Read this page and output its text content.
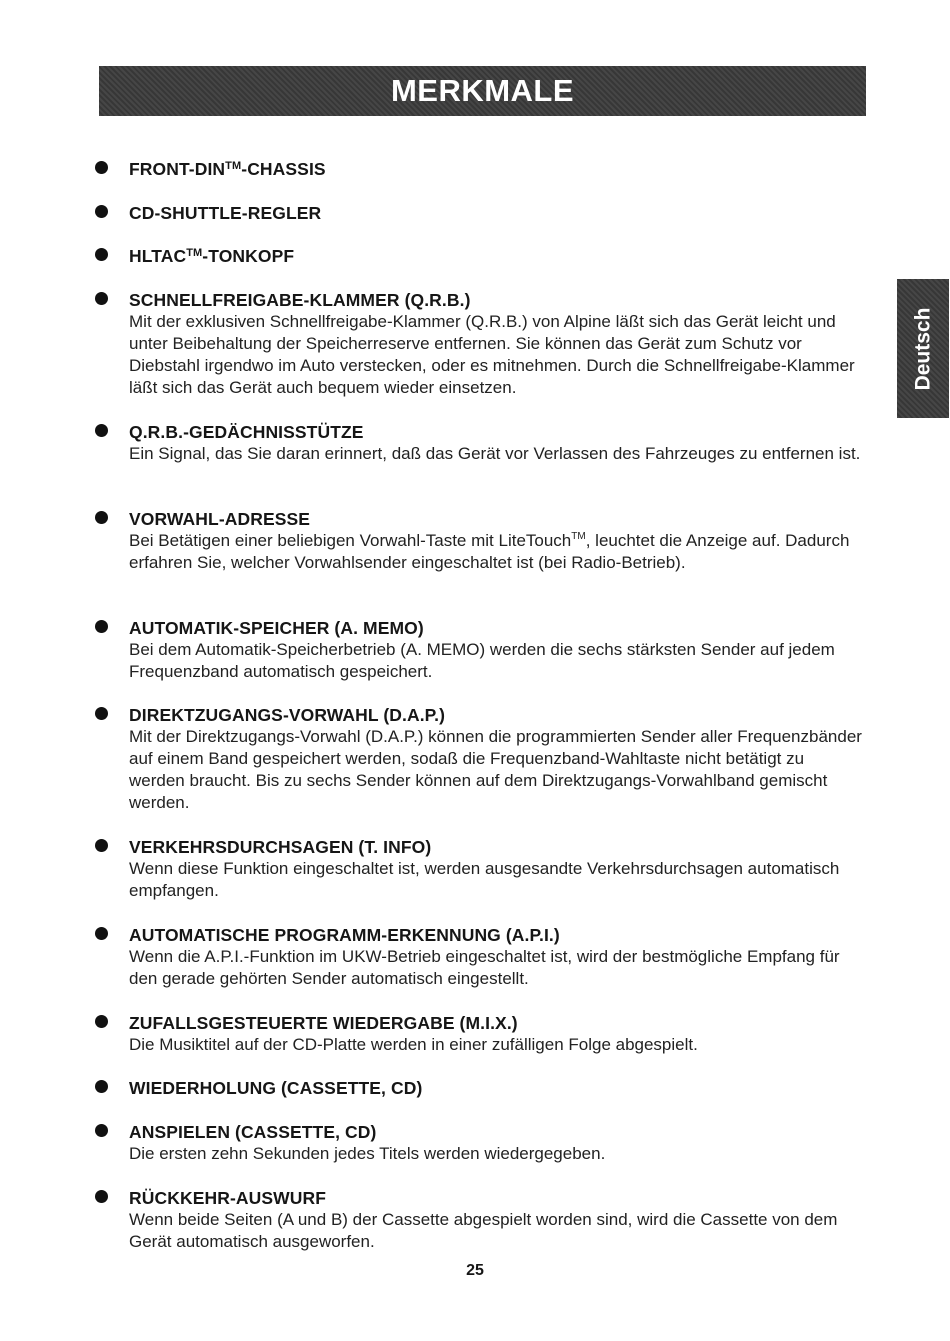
MERKMALE
Deutsch

FRONT-DIN™-CHASSIS

CD-SHUTTLE-REGLER

HLTAC™-TONKOPF

SCHNELLFREIGABE-KLAMMER (Q.R.B.)

Mit der exklusiven Schnellfreigabe-Klammer (Q.R.B.) von Alpine läßt sich das Gerät leicht und unter Beibehaltung der Speicherreserve entfernen. Sie können das Gerät zum Schutz vor Diebstahl irgendwo im Auto verstecken, oder es mitnehmen. Durch die Schnellfreigabe-Klammer läßt sich das Gerät auch bequem wieder einsetzen.

Q.R.B.-GEDÄCHNISSTÜTZE

Ein Signal, das Sie daran erinnert, daß das Gerät vor Verlassen des Fahrzeuges zu entfernen ist.

VORWAHL-ADRESSE

Bei Betätigen einer beliebigen Vorwahl-Taste mit LiteTouch™, leuchtet die Anzeige auf. Dadurch erfahren Sie, welcher Vorwahlsender eingeschaltet ist (bei Radio-Betrieb).

AUTOMATIK-SPEICHER (A. MEMO)

Bei dem Automatik-Speicherbetrieb (A. MEMO) werden die sechs stärksten Sender auf jedem Frequenzband automatisch gespeichert.

DIREKTZUGANGS-VORWAHL (D.A.P.)

Mit der Direktzugangs-Vorwahl (D.A.P.) können die programmierten Sender aller Frequenzbänder auf einem Band gespeichert werden, sodaß die Frequenzband-Wahltaste nicht betätigt zu werden braucht. Bis zu sechs Sender können auf dem Direktzugangs-Vorwahlband gemischt werden.

VERKEHRSDURCHSAGEN (T. INFO)

Wenn diese Funktion eingeschaltet ist, werden ausgesandte Verkehrsdurchsagen automatisch empfangen.

AUTOMATISCHE PROGRAMM-ERKENNUNG (A.P.I.)

Wenn die A.P.I.-Funktion im UKW-Betrieb eingeschaltet ist, wird der bestmögliche Empfang für den gerade gehörten Sender automatisch eingestellt.

ZUFALLSGESTEUERTE WIEDERGABE (M.I.X.)

Die Musiktitel auf der CD-Platte werden in einer zufälligen Folge abgespielt.

WIEDERHOLUNG (CASSETTE, CD)

ANSPIELEN (CASSETTE, CD)

Die ersten zehn Sekunden jedes Titels werden wiedergegeben.

RÜCKKEHR-AUSWURF

Wenn beide Seiten (A und B) der Cassette abgespielt worden sind, wird die Cassette von dem Gerät automatisch ausgeworfen.

25
